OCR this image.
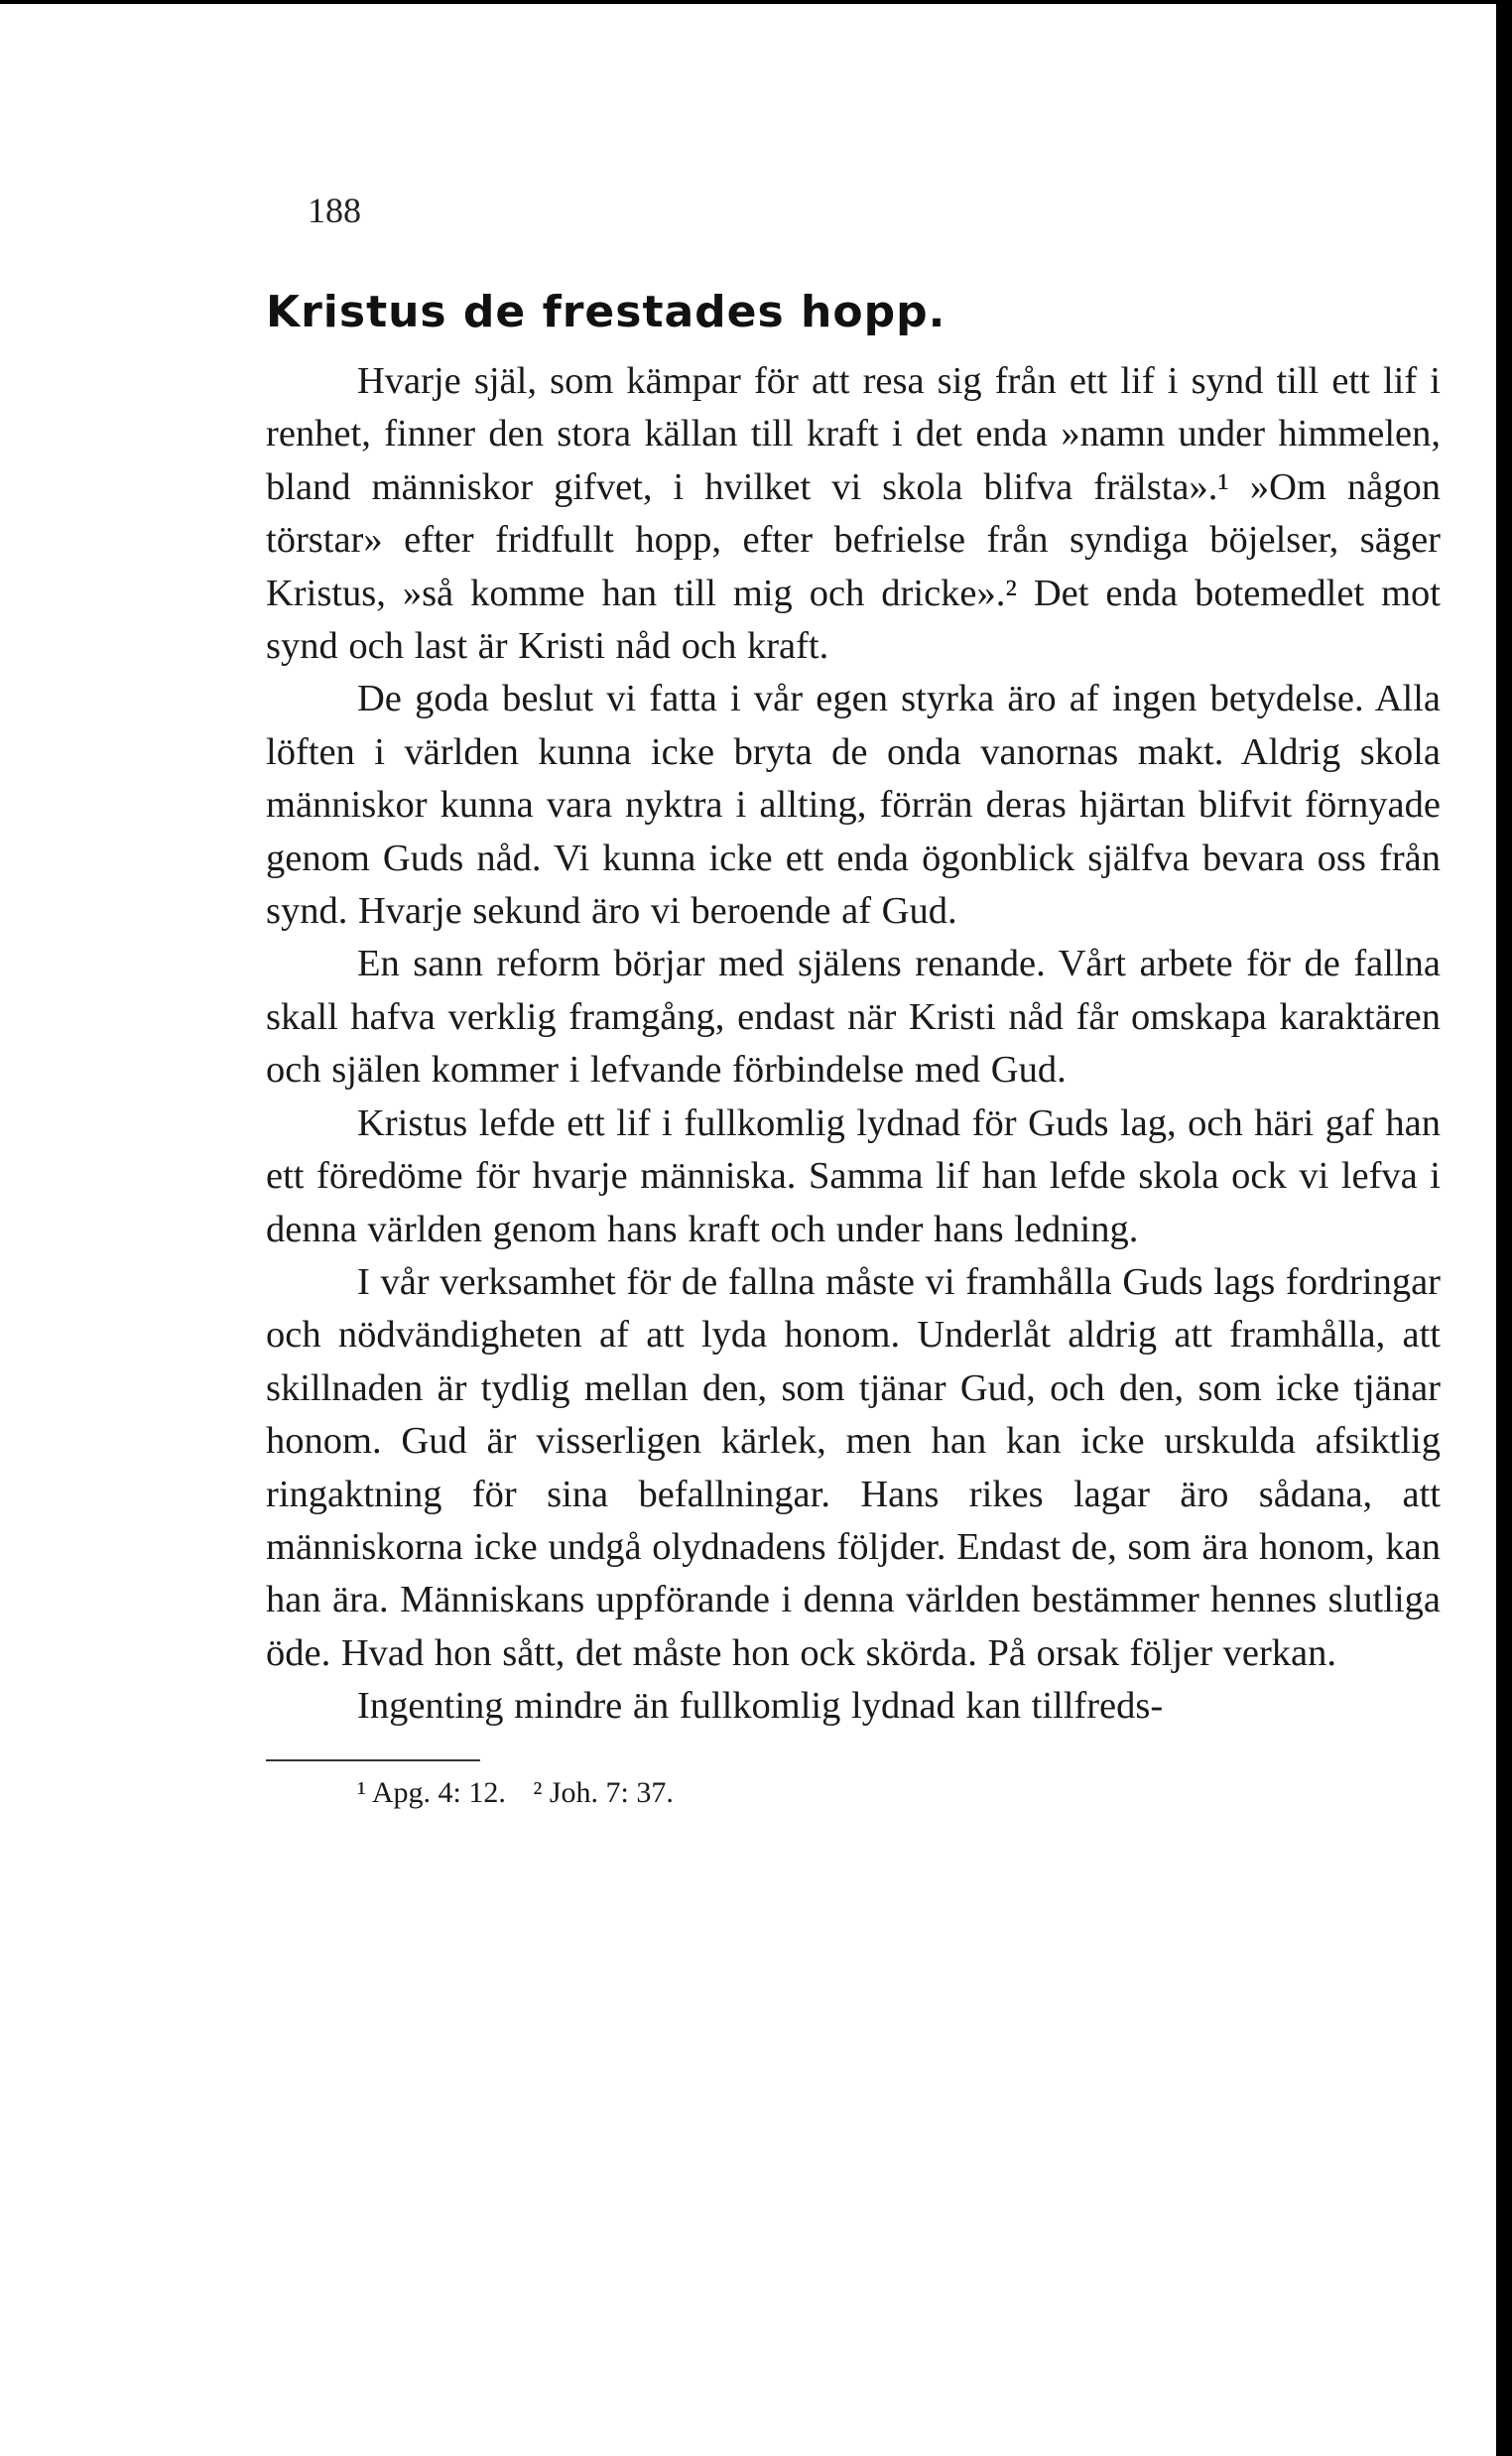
188
Kristus de frestades hopp.

Hvarje själ, som kämpar för att resa sig från ett lif i synd till ett lif i renhet, finner den stora källan till kraft i det enda »namn under himmelen, bland människor gifvet, i hvilket vi skola blifva frälsta».¹ »Om någon törstar» efter fridfullt hopp, efter befrielse från syndiga böjelser, säger Kristus, »så komme han till mig och dricke».² Det enda botemedlet mot synd och last är Kristi nåd och kraft.

De goda beslut vi fatta i vår egen styrka äro af ingen betydelse. Alla löften i världen kunna icke bryta de onda vanornas makt. Aldrig skola människor kunna vara nyktra i allting, förrän deras hjärtan blifvit förnyade genom Guds nåd. Vi kunna icke ett enda ögonblick själfva bevara oss från synd. Hvarje sekund äro vi beroende af Gud.

En sann reform börjar med själens renande. Vårt arbete för de fallna skall hafva verklig framgång, endast när Kristi nåd får omskapa karaktären och själen kommer i lefvande förbindelse med Gud.

Kristus lefde ett lif i fullkomlig lydnad för Guds lag, och häri gaf han ett föredöme för hvarje människa. Samma lif han lefde skola ock vi lefva i denna världen genom hans kraft och under hans ledning.

I vår verksamhet för de fallna måste vi framhålla Guds lags fordringar och nödvändigheten af att lyda honom. Underlåt aldrig att framhålla, att skillnaden är tydlig mellan den, som tjänar Gud, och den, som icke tjänar honom. Gud är visserligen kärlek, men han kan icke urskulda afsiktlig ringaktning för sina befallningar. Hans rikes lagar äro sådana, att människorna icke undgå olydnadens följder. Endast de, som ära honom, kan han ära. Människans uppförande i denna världen bestämmer hennes slutliga öde. Hvad hon sått, det måste hon ock skörda. På orsak följer verkan.

Ingenting mindre än fullkomlig lydnad kan tillfreds-

¹ Apg. 4: 12. ² Joh. 7: 37.
